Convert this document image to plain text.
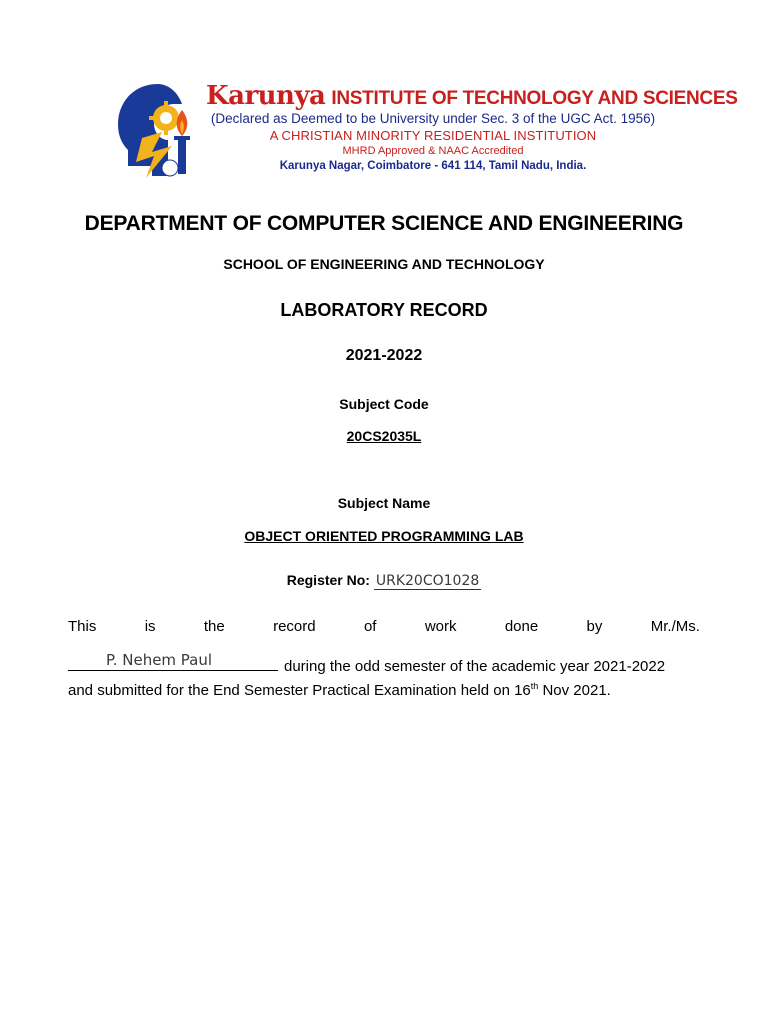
Karunya INSTITUTE OF TECHNOLOGY AND SCIENCES
(Declared as Deemed to be University under Sec. 3 of the UGC Act. 1956)
A CHRISTIAN MINORITY RESIDENTIAL INSTITUTION
MHRD Approved & NAAC Accredited
Karunya Nagar, Coimbatore - 641 114, Tamil Nadu, India.
DEPARTMENT OF COMPUTER SCIENCE AND ENGINEERING
SCHOOL OF ENGINEERING AND TECHNOLOGY
LABORATORY RECORD
2021-2022
Subject Code
20CS2035L
Subject Name
OBJECT ORIENTED PROGRAMMING LAB
Register No: URK20CO1028
This	is	the	record	of	work	done	by	Mr./Ms.
P. Nehem Paul	during the odd semester of the academic year 2021-2022
and submitted for the End Semester Practical Examination held on 16th Nov 2021.
